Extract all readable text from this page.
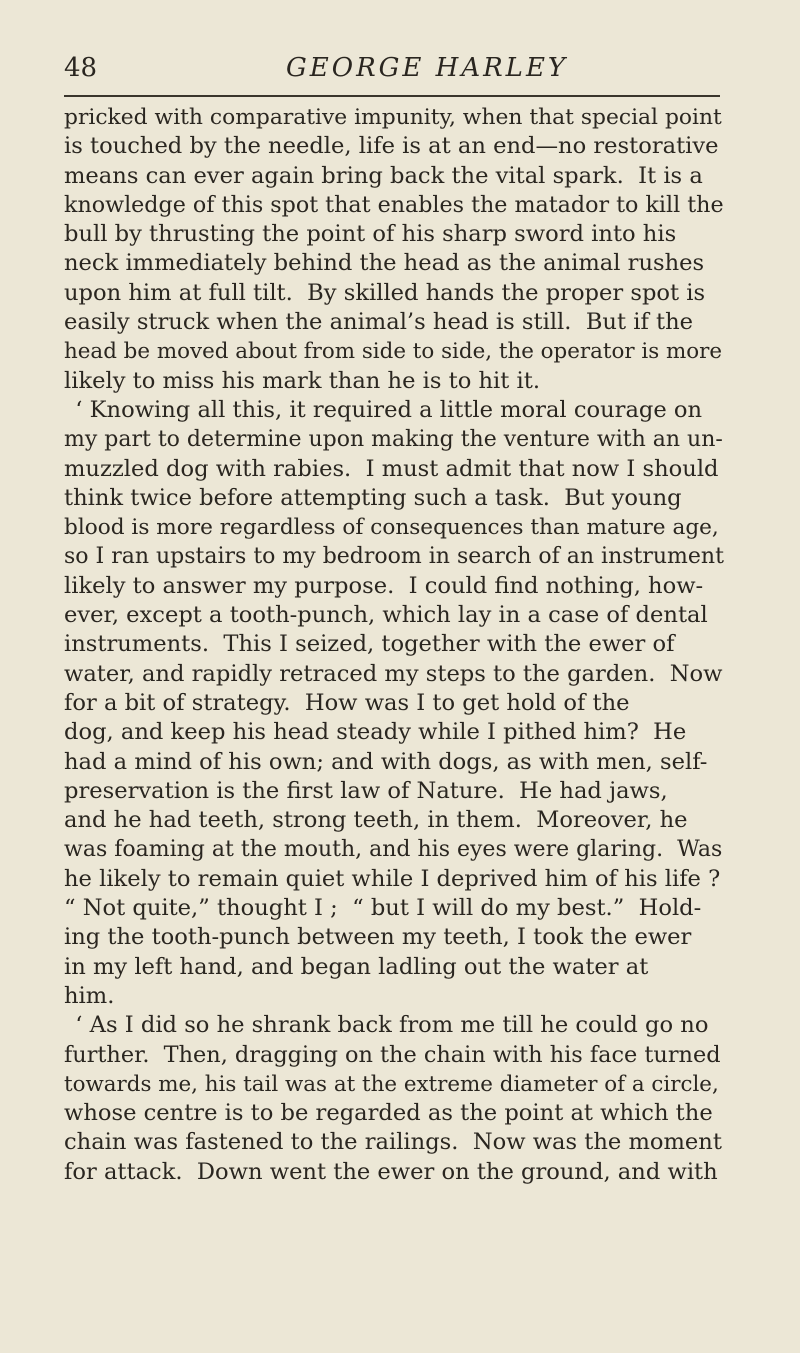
48	GEORGE HARLEY
pricked with comparative impunity, when that special point
is touched by the needle, life is at an end—no restorative
means can ever again bring back the vital spark.  It is a
knowledge of this spot that enables the matador to kill the
bull by thrusting the point of his sharp sword into his
neck immediately behind the head as the animal rushes
upon him at full tilt.  By skilled hands the proper spot is
easily struck when the animal’s head is still.  But if the
head be moved about from side to side, the operator is more
likely to miss his mark than he is to hit it.
 ‘ Knowing all this, it required a little moral courage on
my part to determine upon making the venture with an un-
muzzled dog with rabies.  I must admit that now I should
think twice before attempting such a task.  But young
blood is more regardless of consequences than mature age,
so I ran upstairs to my bedroom in search of an instrument
likely to answer my purpose.  I could find nothing, how-
ever, except a tooth-punch, which lay in a case of dental
instruments.  This I seized, together with the ewer of
water, and rapidly retraced my steps to the garden.  Now
for a bit of strategy.  How was I to get hold of the
dog, and keep his head steady while I pithed him?  He
had a mind of his own; and with dogs, as with men, self-
preservation is the first law of Nature.  He had jaws,
and he had teeth, strong teeth, in them.  Moreover, he
was foaming at the mouth, and his eyes were glaring.  Was
he likely to remain quiet while I deprived him of his life ?
“ Not quite,” thought I ;  “ but I will do my best.”  Hold-
ing the tooth-punch between my teeth, I took the ewer
in my left hand, and began ladling out the water at
him.
 ‘ As I did so he shrank back from me till he could go no
further.  Then, dragging on the chain with his face turned
towards me, his tail was at the extreme diameter of a circle,
whose centre is to be regarded as the point at which the
chain was fastened to the railings.  Now was the moment
for attack.  Down went the ewer on the ground, and with
